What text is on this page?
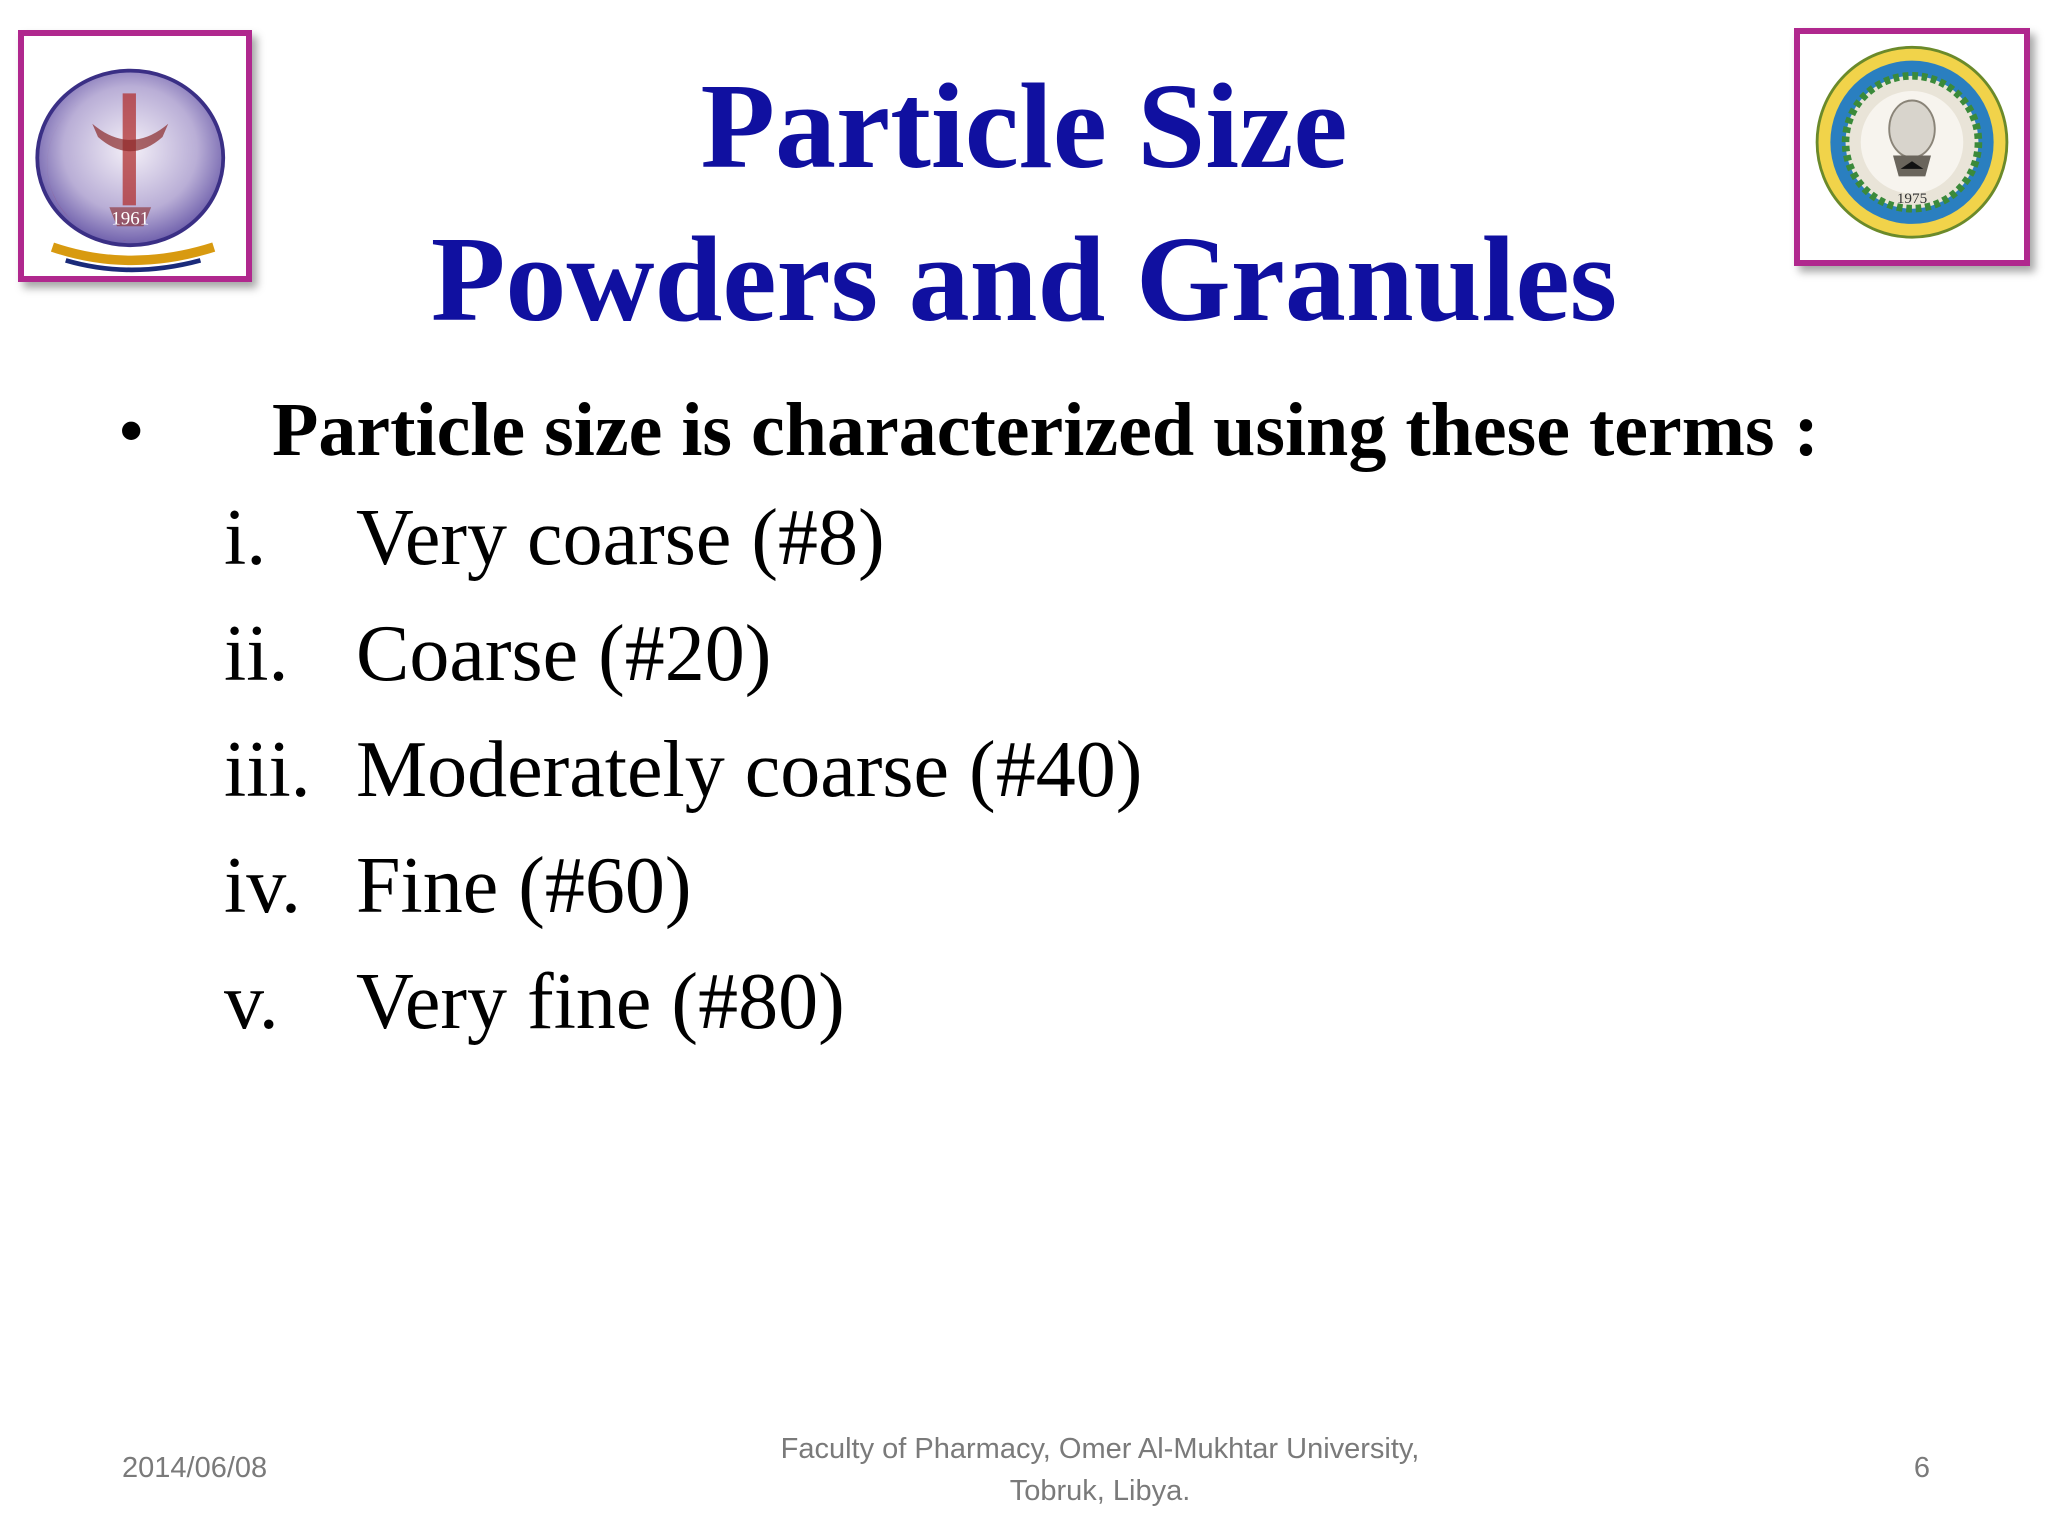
1961
1975
Particle Size
Powders and Granules
• Particle size is characterized using these terms :
i. Very coarse (#8)
ii. Coarse (#20)
iii. Moderately coarse (#40)
iv. Fine (#60)
v. Very fine (#80)
2014/06/08
Faculty of Pharmacy, Omer Al-Mukhtar University,
Tobruk, Libya.
6
